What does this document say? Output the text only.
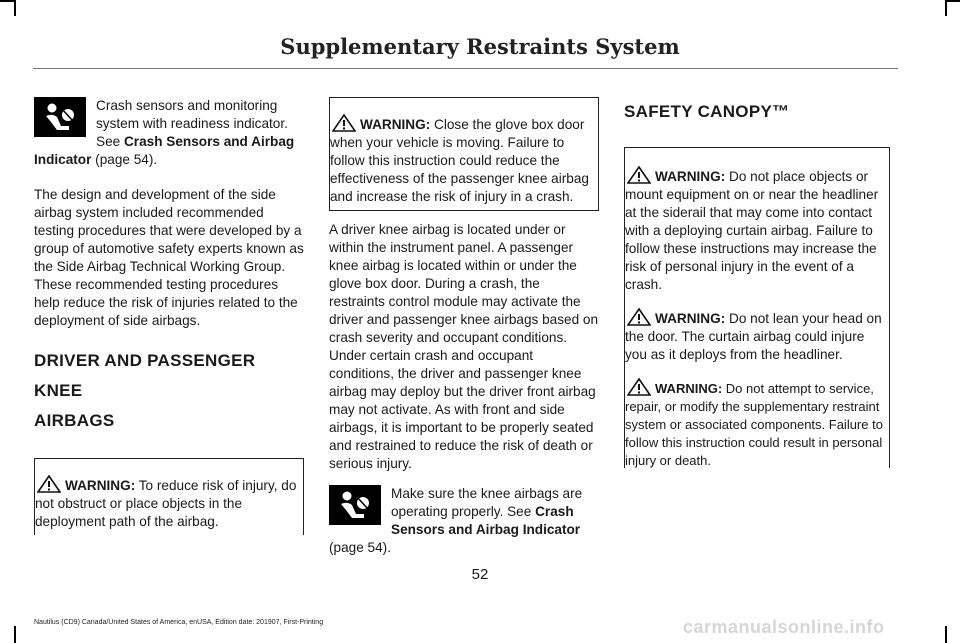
Supplementary Restraints System

Crash sensors and monitoring system with readiness indicator. See Crash Sensors and Airbag Indicator (page 54).

The design and development of the side airbag system included recommended testing procedures that were developed by a group of automotive safety experts known as the Side Airbag Technical Working Group. These recommended testing procedures help reduce the risk of injuries related to the deployment of side airbags.

DRIVER AND PASSENGER KNEE
AIRBAGS

WARNING: To reduce risk of injury, do not obstruct or place objects in the deployment path of the airbag.

WARNING: Close the glove box door when your vehicle is moving. Failure to follow this instruction could reduce the effectiveness of the passenger knee airbag and increase the risk of injury in a crash.

A driver knee airbag is located under or within the instrument panel. A passenger knee airbag is located within or under the glove box door. During a crash, the restraints control module may activate the driver and passenger knee airbags based on crash severity and occupant conditions. Under certain crash and occupant conditions, the driver and passenger knee airbag may deploy but the driver front airbag may not activate. As with front and side airbags, it is important to be properly seated and restrained to reduce the risk of death or serious injury.

Make sure the knee airbags are operating properly. See Crash Sensors and Airbag Indicator (page 54).

SAFETY CANOPY™

WARNING: Do not place objects or mount equipment on or near the headliner at the siderail that may come into contact with a deploying curtain airbag. Failure to follow these instructions may increase the risk of personal injury in the event of a crash.

WARNING: Do not lean your head on the door. The curtain airbag could injure you as it deploys from the headliner.

WARNING: Do not attempt to service, repair, or modify the supplementary restraint system or associated components. Failure to follow this instruction could result in personal injury or death.

52
Nautilus (CD9) Canada/United States of America, enUSA, Edition date: 201907, First-Printing	carmanualsonline.info
